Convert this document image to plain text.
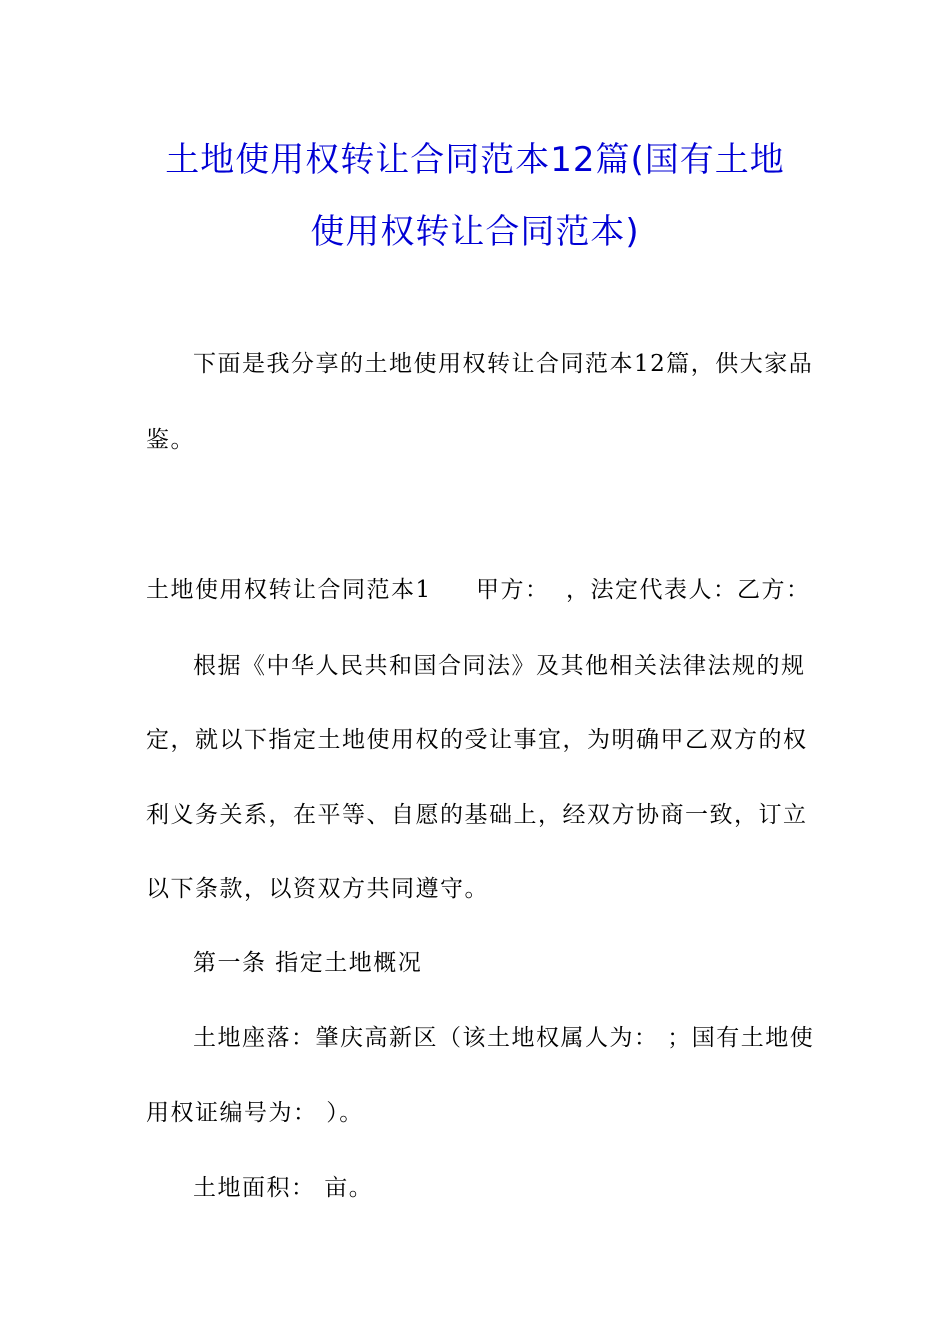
土地使用权转让合同范本12篇(国有土地
使用权转让合同范本)
下面是我分享的土地使用权转让合同范本12篇，供大家品
鉴。
土地使用权转让合同范本1 甲方： ，法定代表人： 乙方：
根据《中华人民共和国合同法》及其他相关法律法规的规
定，就以下指定土地使用权的受让事宜，为明确甲乙双方的权
利义务关系，在平等、自愿的基础上，经双方协商一致，订立
以下条款，以资双方共同遵守。
第一条 指定土地概况
土地座落：肇庆高新区（该土地权属人为： ；国有土地使
用权证编号为： ）。
土地面积： 亩。
